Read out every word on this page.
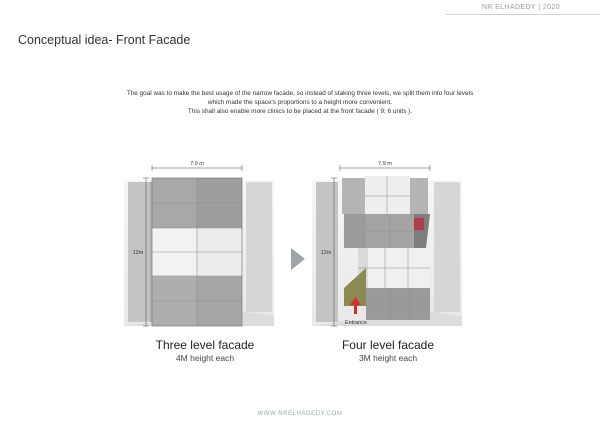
NR ELHADEDY | 2020
Conceptual idea- Front Facade
The goal was to make the best usage of the narrow facade, so instead of staking three levels, we split them into four levels
which made the space's proportions to a height more convenient.
This shall also enable more clinics to be placed at the front facade ( 9; 6 units ).
7.9 m
12m
Entrance
7.9 m
12m
Three level facade
4M height each
Four level facade
3M height each
WWW.NRELHADEDY.COM
